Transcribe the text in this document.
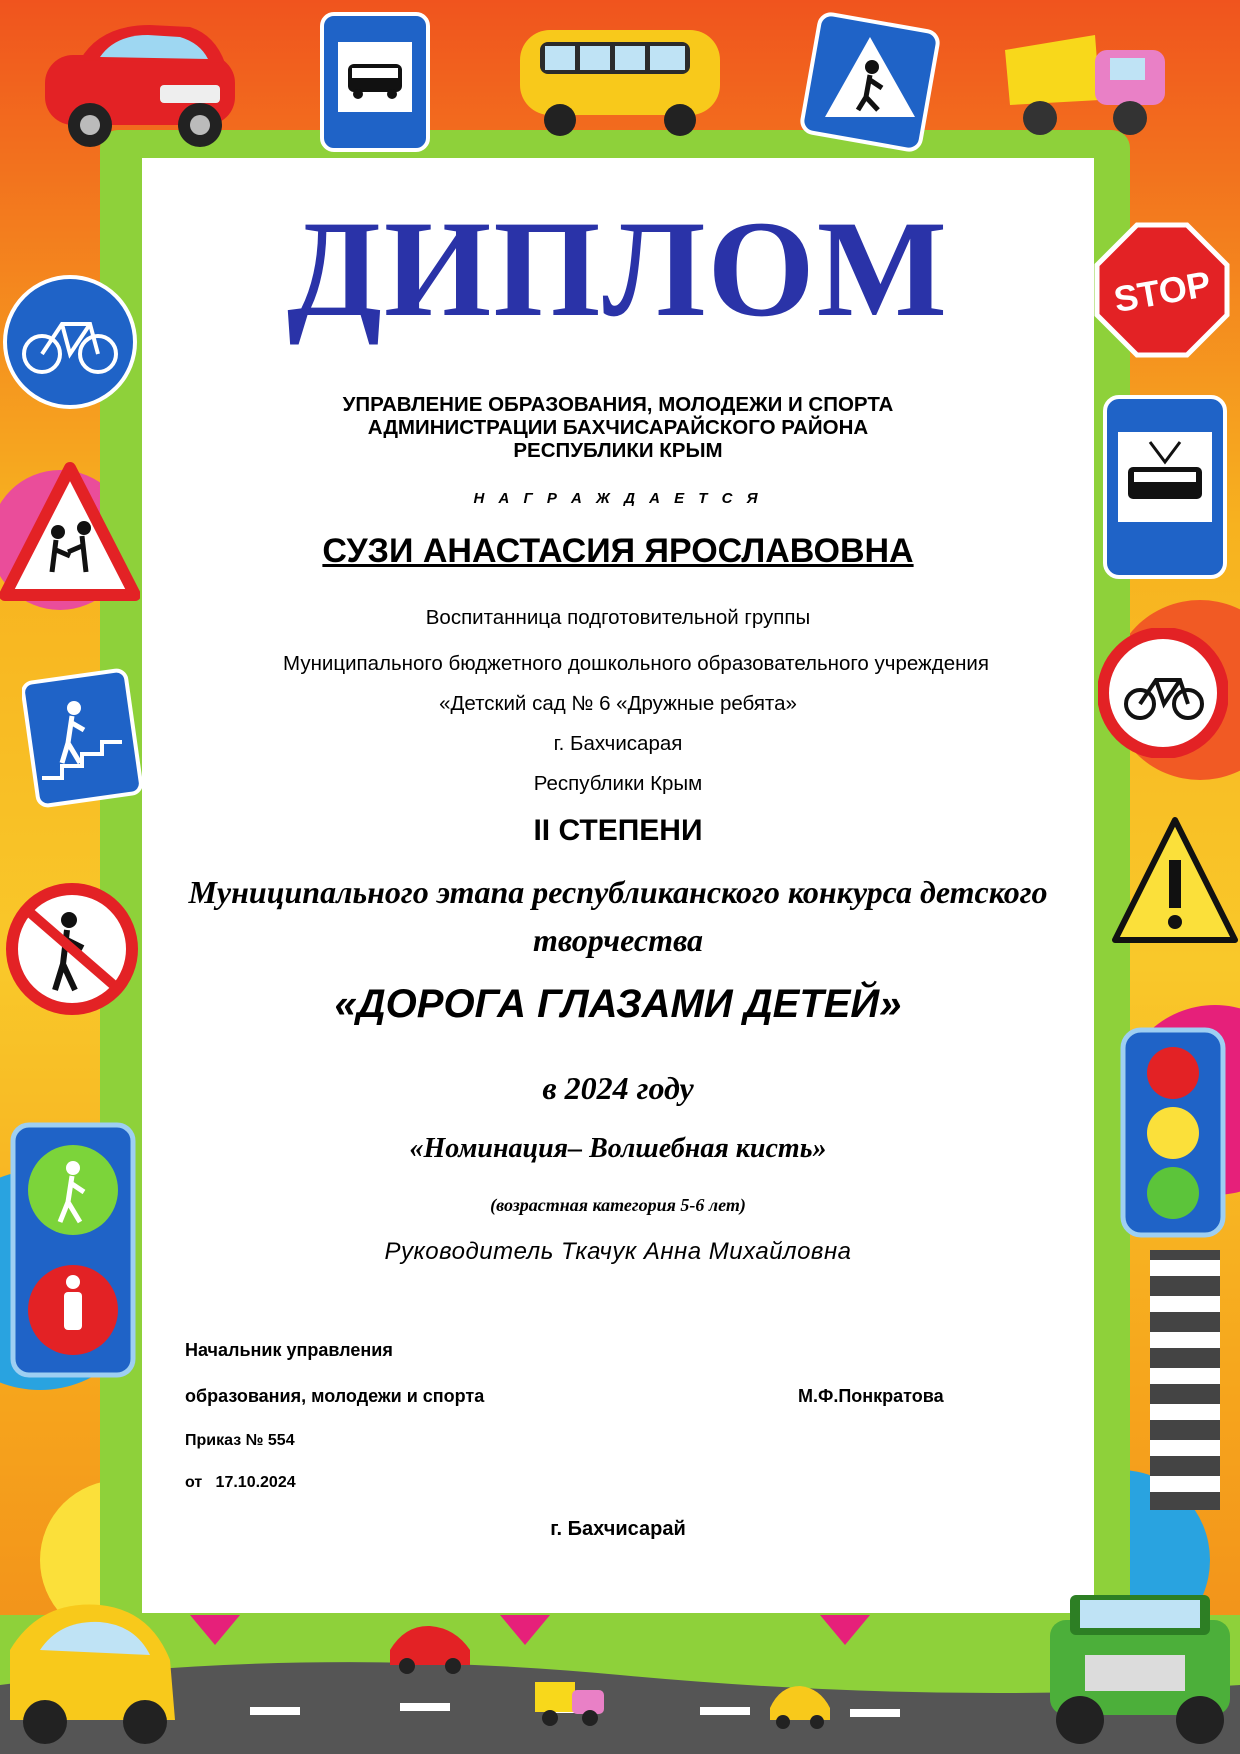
STOP
ДИПЛОМ
УПРАВЛЕНИЕ ОБРАЗОВАНИЯ, МОЛОДЕЖИ И СПОРТА
АДМИНИСТРАЦИИ БАХЧИСАРАЙСКОГО РАЙОНА
РЕСПУБЛИКИ КРЫМ
Н А Г Р А Ж Д А Е Т С Я
СУЗИ АНАСТАСИЯ ЯРОСЛАВОВНА
Воспитанница подготовительной группы
Муниципального бюджетного дошкольного образовательного учреждения
«Детский сад № 6 «Дружные ребята»
г. Бахчисарая
Республики Крым
II СТЕПЕНИ
Муниципального этапа республиканского конкурса детского
творчества
«ДОРОГА ГЛАЗАМИ ДЕТЕЙ»
в 2024 году
«Номинация– Волшебная кисть»
(возрастная категория 5-6 лет)
Руководитель Ткачук Анна Михайловна
Начальник управления
образования, молодежи и спорта	М.Ф.Понкратова
Приказ № 554
от   17.10.2024
г. Бахчисарай
